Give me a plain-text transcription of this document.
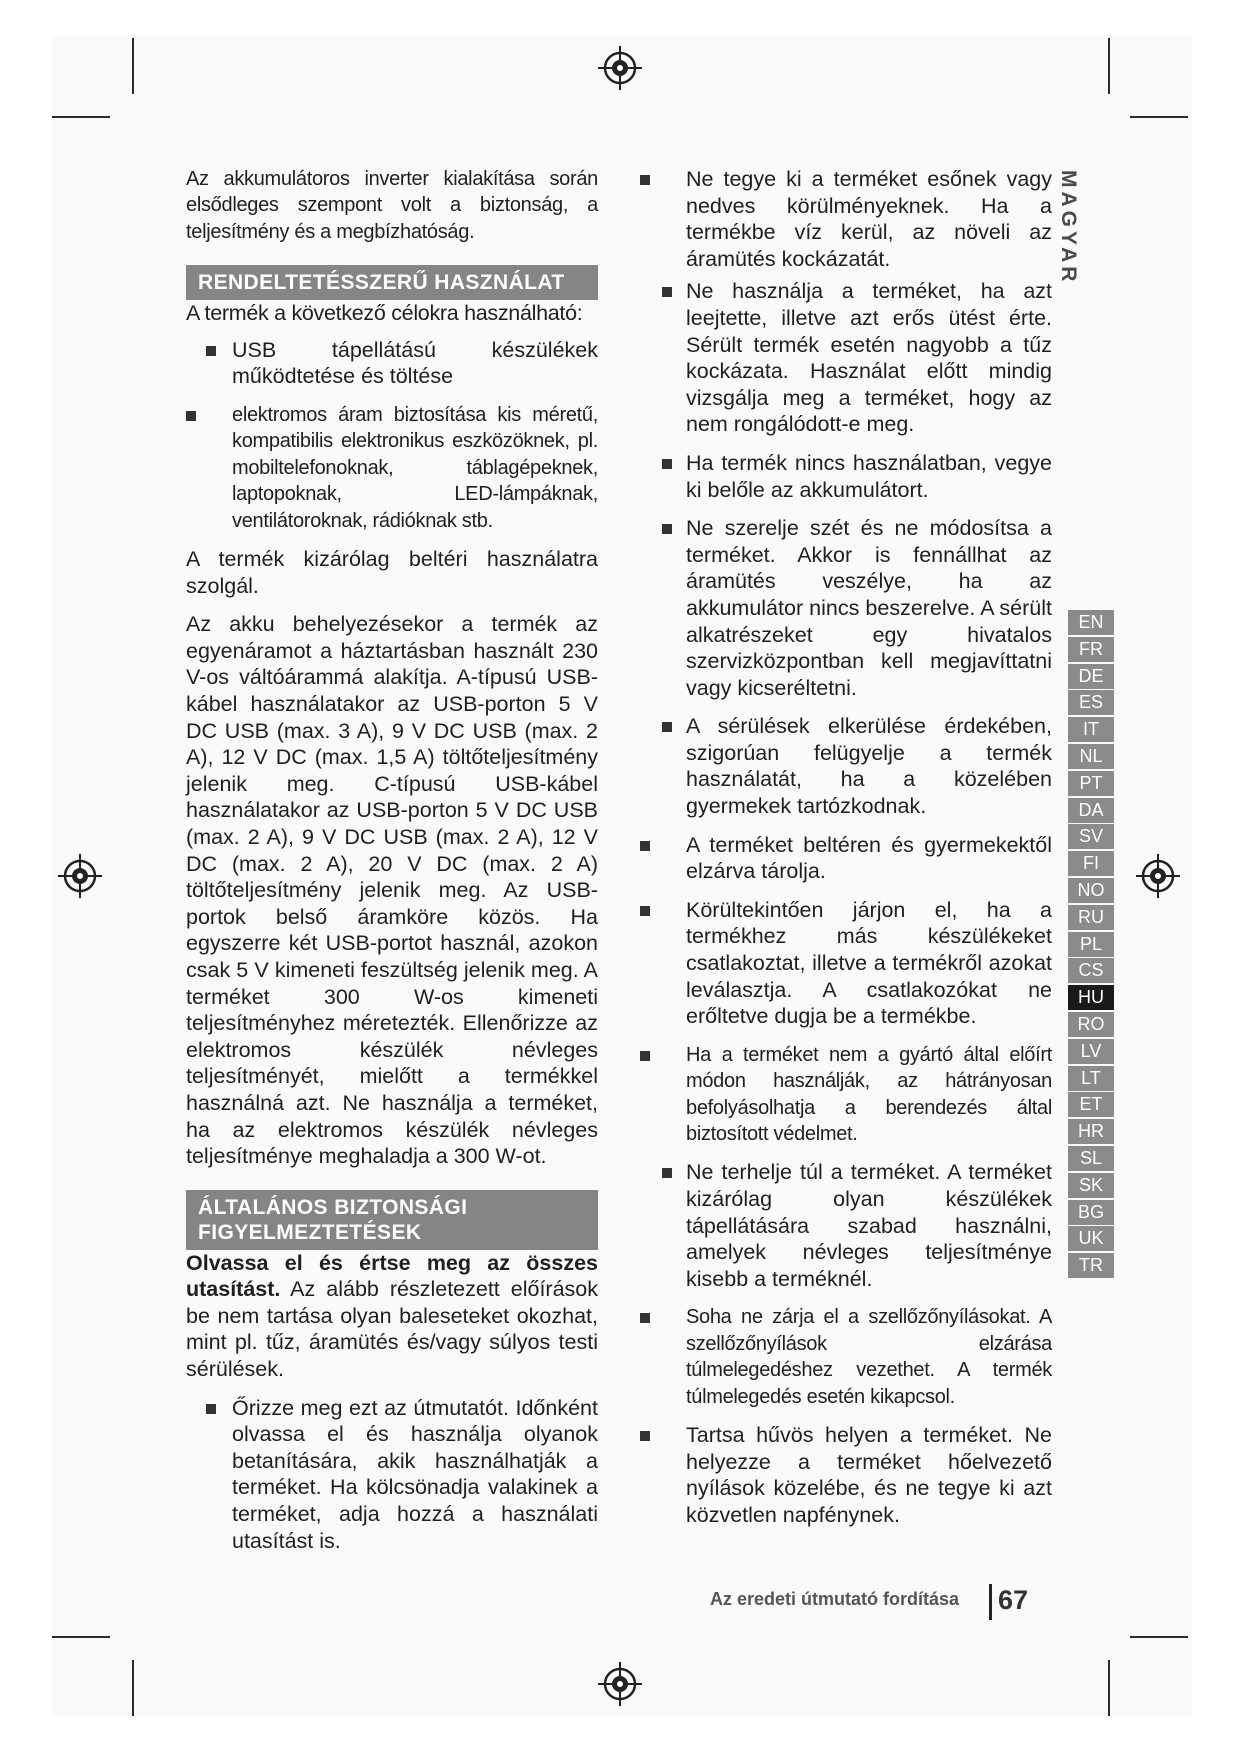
Az akkumulátoros inverter kialakítása során elsődleges szempont volt a biztonság, a teljesítmény és a megbízhatóság.

RENDELTETÉSSZERŰ HASZNÁLAT

A termék a következő célokra használható:

USB tápellátású készülékek működtetése és töltése
elektromos áram biztosítása kis méretű, kompatibilis elektronikus eszközöknek, pl. mobiltelefonoknak, táblagépeknek, laptopoknak, LED-lámpáknak, ventilátoroknak, rádióknak stb.

A termék kizárólag beltéri használatra szolgál.

Az akku behelyezésekor a termék az egyenáramot a háztartásban használt 230 V-os váltóárammá alakítja. A-típusú USB-kábel használatakor az USB-porton 5 V DC USB (max. 3 A), 9 V DC USB (max. 2 A), 12 V DC (max. 1,5 A) töltőteljesítmény jelenik meg. C-típusú USB-kábel használatakor az USB-porton 5 V DC USB (max. 2 A), 9 V DC USB (max. 2 A), 12 V DC (max. 2 A), 20 V DC (max. 2 A) töltőteljesítmény jelenik meg. Az USB-portok belső áramköre közös. Ha egyszerre két USB-portot használ, azokon csak 5 V kimeneti feszültség jelenik meg. A terméket 300 W-os kimeneti teljesítményhez méretezték. Ellenőrizze az elektromos készülék névleges teljesítményét, mielőtt a termékkel használná azt. Ne használja a terméket, ha az elektromos készülék névleges teljesítménye meghaladja a 300 W-ot.

ÁLTALÁNOS BIZTONSÁGI
FIGYELMEZTETÉSEK

Olvassa el és értse meg az összes utasítást. Az alább részletezett előírások be nem tartása olyan baleseteket okozhat, mint pl. tűz, áramütés és/vagy súlyos testi sérülések.

Őrizze meg ezt az útmutatót. Időnként olvassa el és használja olyanok betanítására, akik használhatják a terméket. Ha kölcsönadja valakinek a terméket, adja hozzá a használati utasítást is.
Ne tegye ki a terméket esőnek vagy nedves körülményeknek. Ha a termékbe víz kerül, az növeli az áramütés kockázatát.
Ne használja a terméket, ha azt leejtette, illetve azt erős ütést érte. Sérült termék esetén nagyobb a tűz kockázata. Használat előtt mindig vizsgálja meg a terméket, hogy az nem rongálódott-e meg.
Ha termék nincs használatban, vegye ki belőle az akkumulátort.
Ne szerelje szét és ne módosítsa a terméket. Akkor is fennállhat az áramütés veszélye, ha az akkumulátor nincs beszerelve. A sérült alkatrészeket egy hivatalos szervizközpontban kell megjavíttatni vagy kicseréltetni.
A sérülések elkerülése érdekében, szigorúan felügyelje a termék használatát, ha a közelében gyermekek tartózkodnak.
A terméket beltéren és gyermekektől elzárva tárolja.
Körültekintően járjon el, ha a termékhez más készülékeket csatlakoztat, illetve a termékről azokat leválasztja. A csatlakozókat ne erőltetve dugja be a termékbe.
Ha a terméket nem a gyártó által előírt módon használják, az hátrányosan befolyásolhatja a berendezés által biztosított védelmet.
Ne terhelje túl a terméket. A terméket kizárólag olyan készülékek tápellátására szabad használni, amelyek névleges teljesítménye kisebb a terméknél.
Soha ne zárja el a szellőzőnyílásokat. A szellőzőnyílások elzárása túlmelegedéshez vezethet. A termék túlmelegedés esetén kikapcsol.
Tartsa hűvös helyen a terméket. Ne helyezze a terméket hőelvezető nyílások közelébe, és ne tegye ki azt közvetlen napfénynek.
MAGYAR
EN
FR
DE
ES
IT
NL
PT
DA
SV
FI
NO
RU
PL
CS
HU
RO
LV
LT
ET
HR
SL
SK
BG
UK
TR
Az eredeti útmutató fordítása 67
